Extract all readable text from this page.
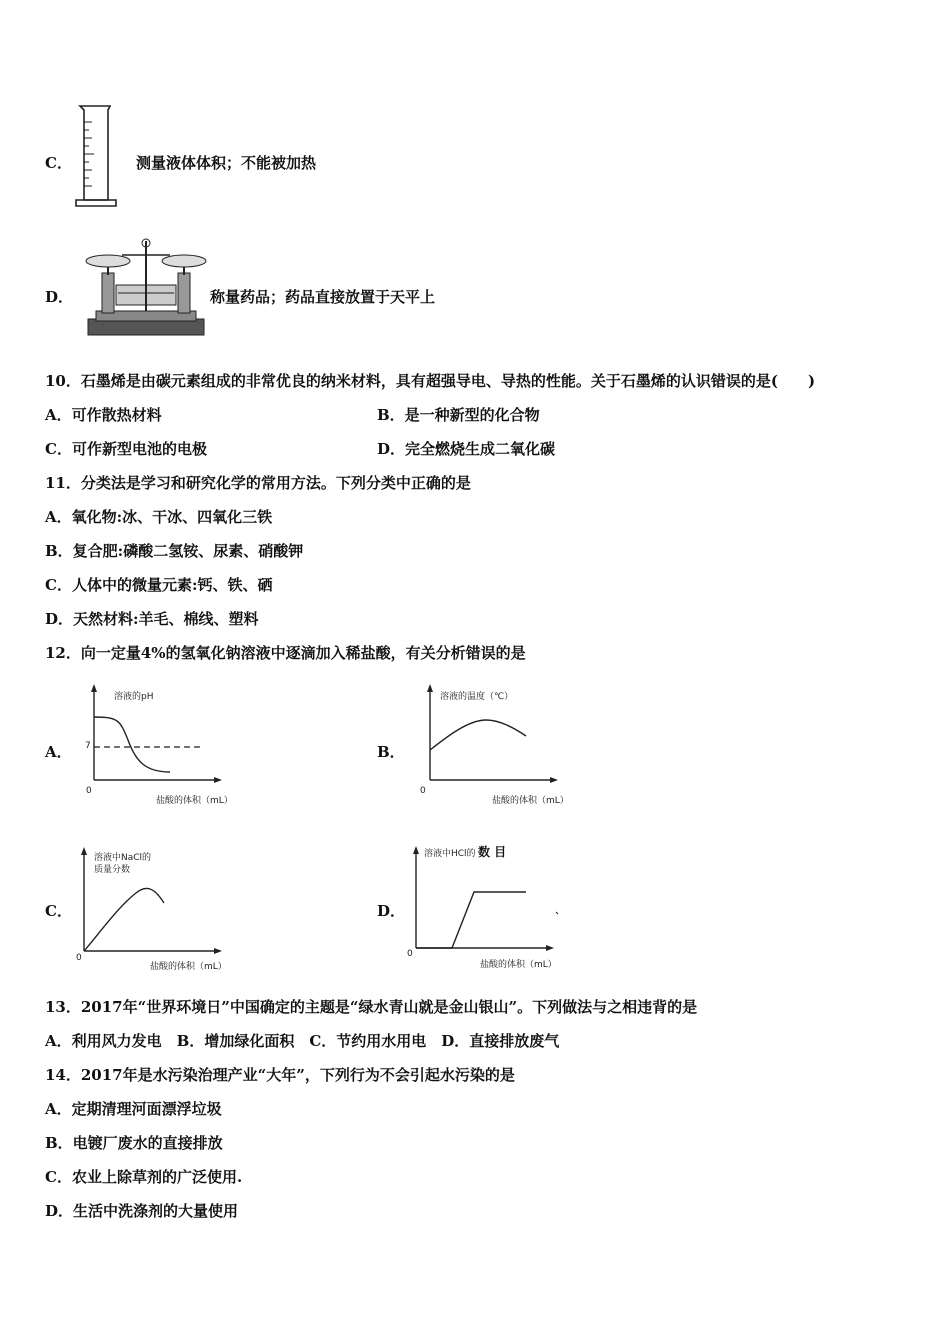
C．	测量液体体积；不能被加热
D．	称量药品；药品直接放置于天平上
10．石墨烯是由碳元素组成的非常优良的纳米材料，具有超强导电、导热的性能。关于石墨烯的认识错误的是(　　)
A．可作散热材料	B．是一种新型的化合物
C．可作新型电池的电极	D．完全燃烧生成二氧化碳
11．分类法是学习和研究化学的常用方法。下列分类中正确的是
A．氧化物:冰、干冰、四氧化三铁
B．复合肥:磷酸二氢铵、尿素、硝酸钾
C．人体中的微量元素:钙、铁、硒
D．天然材料:羊毛、棉线、塑料
12．向一定量4%的氢氧化钠溶液中逐滴加入稀盐酸，有关分析错误的是
A．
溶液的pH
7
0
盐酸的体积（mL）
B．
溶液的温度（℃）
0
盐酸的体积（mL）
C．
溶液中NaCl的
质量分数
0
盐酸的体积（mL）
D．
溶液中HCl的 数 目
0
盐酸的体积（mL）
13．2017年“世界环境日”中国确定的主题是“绿水青山就是金山银山”。下列做法与之相违背的是
A．利用风力发电　B．增加绿化面积　C．节约用水用电　D．直接排放废气
14．2017年是水污染治理产业“大年”，下列行为不会引起水污染的是
A．定期清理河面漂浮垃圾
B．电镀厂废水的直接排放
C．农业上除草剂的广泛使用.
D．生活中洗涤剂的大量使用
